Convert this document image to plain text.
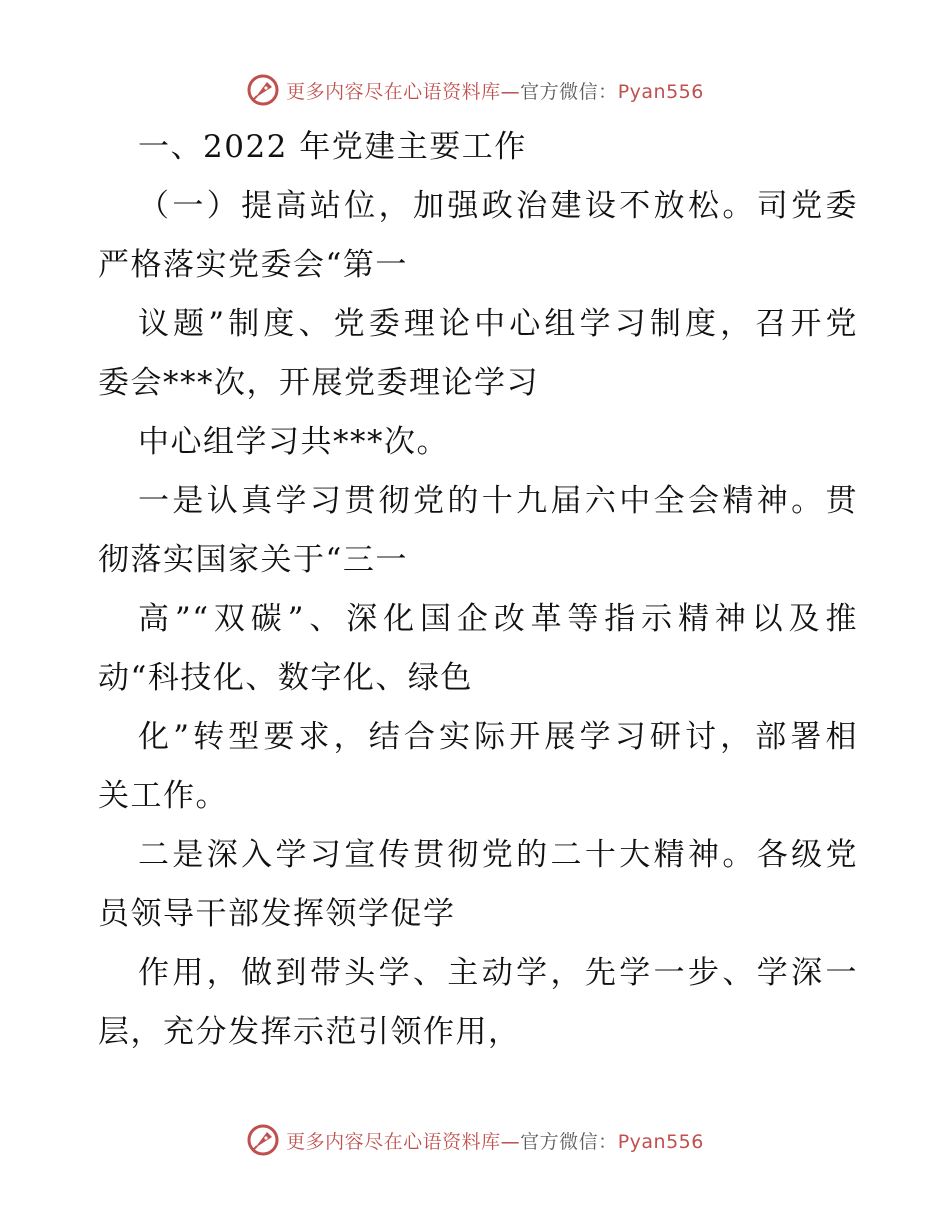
更多内容尽在心语资料库—官方微信：Pyan556
一、2022 年党建主要工作
（一）提高站位，加强政治建设不放松。司党委
严格落实党委会“第一
议题”制度、党委理论中心组学习制度，召开党
委会***次，开展党委理论学习
中心组学习共***次。
一是认真学习贯彻党的十九届六中全会精神。贯
彻落实国家关于“三一
高”“双碳”、深化国企改革等指示精神以及推
动“科技化、数字化、绿色
化”转型要求，结合实际开展学习研讨，部署相
关工作。
二是深入学习宣传贯彻党的二十大精神。各级党
员领导干部发挥领学促学
作用，做到带头学、主动学，先学一步、学深一
层，充分发挥示范引领作用，
更多内容尽在心语资料库—官方微信：Pyan556
